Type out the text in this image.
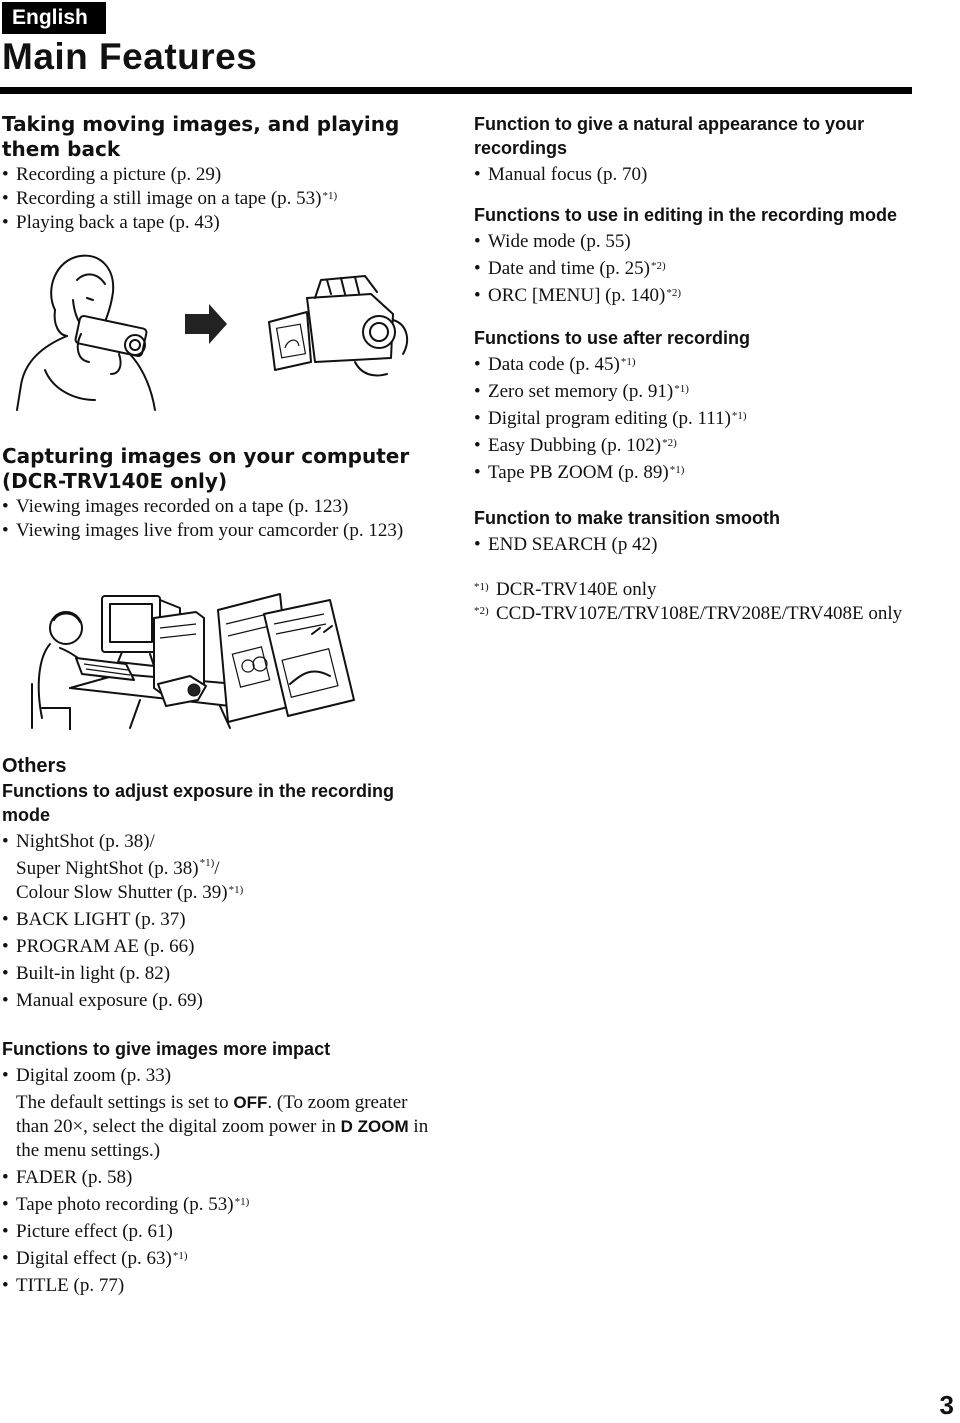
English
Main Features

Taking moving images, and playing them back

• Recording a picture (p. 29)
• Recording a still image on a tape (p. 53)$^{*1)}$
• Playing back a tape (p. 43)

Capturing images on your computer (DCR-TRV140E only)

• Viewing images recorded on a tape (p. 123)
• Viewing images live from your camcorder (p. 123)

Function to give a natural appearance to your recordings

• Manual focus (p. 70)

Functions to use in editing in the recording mode

• Wide mode (p. 55)
• Date and time (p. 25)$^{*2)}$
• ORC [MENU] (p. 140)$^{*2)}$

Functions to use after recording

• Data code (p. 45)$^{*1)}$
• Zero set memory (p. 91)$^{*1)}$
• Digital program editing (p. 111)$^{*1)}$
• Easy Dubbing (p. 102)$^{*2)}$
• Tape PB ZOOM (p. 89)$^{*1)}$

Function to make transition smooth

• END SEARCH (p 42)
*1) DCR-TRV140E only
*2) CCD-TRV107E/TRV108E/TRV208E/TRV408E only

Others

Functions to adjust exposure in the recording mode

• NightShot (p. 38)/
Super NightShot (p. 38)$^{*1)}$/
Colour Slow Shutter (p. 39)$^{*1)}$
• BACK LIGHT (p. 37)
• PROGRAM AE (p. 66)
• Built-in light (p. 82)
• Manual exposure (p. 69)

Functions to give images more impact

• Digital zoom (p. 33)
The default settings is set to OFF. (To zoom greater than 20×, select the digital zoom power in D ZOOM in the menu settings.)
• FADER (p. 58)
• Tape photo recording (p. 53)$^{*1)}$
• Picture effect (p. 61)
• Digital effect (p. 63)$^{*1)}$
• TITLE (p. 77)
3
